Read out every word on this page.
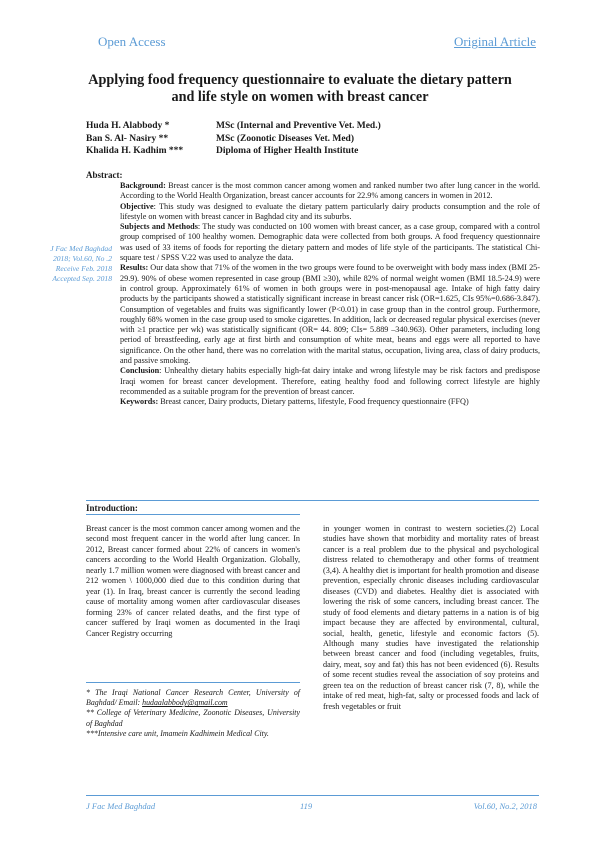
Open Access	Original Article
Applying food frequency questionnaire to evaluate the dietary pattern and life style on women with breast cancer
Huda H. Alabbody *	MSc (Internal and Preventive Vet. Med.)
Ban S. Al- Nasiry **	MSc (Zoonotic Diseases Vet. Med)
Khalida H. Kadhim ***	Diploma of Higher Health Institute
Abstract:
J Fac Med Baghdad
2018; Vol.60, No .2
Receive Feb. 2018
Accepted Sep. 2018

Background: Breast cancer is the most common cancer among women and ranked number two after lung cancer in the world. According to the World Health Organization, breast cancer accounts for 22.9% among cancers in women in 2012.

Objective: This study was designed to evaluate the dietary pattern particularly dairy products consumption and the role of lifestyle on women with breast cancer in Baghdad city and its suburbs.

Subjects and Methods: The study was conducted on 100 women with breast cancer, as a case group, compared with a control group comprised of 100 healthy women. Demographic data were collected from both groups. A food frequency questionnaire was used of 33 items of foods for reporting the dietary pattern and modes of life style of the participants. The statistical Chi-square test / SPSS V.22 was used to analyze the data.

Results: Our data show that 71% of the women in the two groups were found to be overweight with body mass index (BMI 25-29.9). 90% of obese women represented in case group (BMI ≥30), while 82% of normal weight women (BMI 18.5-24.9) were in control group. Approximately 61% of women in both groups were in post-menopausal age. Intake of high fatty dairy products by the participants showed a statistically significant increase in breast cancer risk (OR=1.625, CIs 95%=0.686-3.847). Consumption of vegetables and fruits was significantly lower (P<0.01) in case group than in the control group. Furthermore, roughly 68% women in the case group used to smoke cigarettes. In addition, lack or decreased regular physical exercises (never with ≥1 practice per wk) was statistically significant (OR= 44. 809; CIs= 5.889 –340.963). Other parameters, including long period of breastfeeding, early age at first birth and consumption of white meat, beans and eggs were all reported to have significance. On the other hand, there was no correlation with the marital status, occupation, living area, class of dairy products, and passive smoking.

Conclusion: Unhealthy dietary habits especially high-fat dairy intake and wrong lifestyle may be risk factors and predispose Iraqi women for breast cancer development. Therefore, eating healthy food and following correct lifestyle are highly recommended as a suitable program for the prevention of breast cancer.

Keywords: Breast cancer, Dairy products, Dietary patterns, lifestyle, Food frequency questionnaire (FFQ)

Introduction:
Breast cancer is the most common cancer among women and the second most frequent cancer in the world after lung cancer. In 2012, Breast cancer formed about 22% of cancers in women's cancers according to the World Health Organization. Globally, nearly 1.7 million women were diagnosed with breast cancer and 212 women \ 1000,000 died due to this condition during that year (1). In Iraq, breast cancer is currently the second leading cause of mortality among women after cardiovascular diseases forming 23% of cancer related deaths, and the first type of cancer suffered by Iraqi women as documented in the Iraqi Cancer Registry occurring
in younger women in contrast to western societies.(2) Local studies have shown that morbidity and mortality rates of breast cancer is a real problem due to the physical and psychological distress related to chemotherapy and other forms of treatment (3,4). A healthy diet is important for health promotion and disease prevention, especially chronic diseases including cardiovascular diseases (CVD) and diabetes. Healthy diet is associated with lowering the risk of some cancers, including breast cancer. The study of food elements and dietary patterns in a nation is of big impact because they are affected by environmental, cultural, social, health, genetic, lifestyle and economic factors (5). Although many studies have investigated the relationship between breast cancer and food (including vegetables, fruits, dairy, meat, soy and fat) this has not been evidenced (6). Results of some recent studies reveal the association of soy proteins and green tea on the reduction of breast cancer risk (7, 8), while the intake of red meat, high-fat, salty or processed foods and lack of fresh vegetables or fruit
* The Iraqi National Cancer Research Center, University of Baghdad/ Email: hudaalabbody@gmail.com
** College of Veterinary Medicine, Zoonotic Diseases, University of Baghdad
***Intensive care unit, Imamein Kadhimein Medical City.
J Fac Med Baghdad	119	Vol.60, No.2, 2018
